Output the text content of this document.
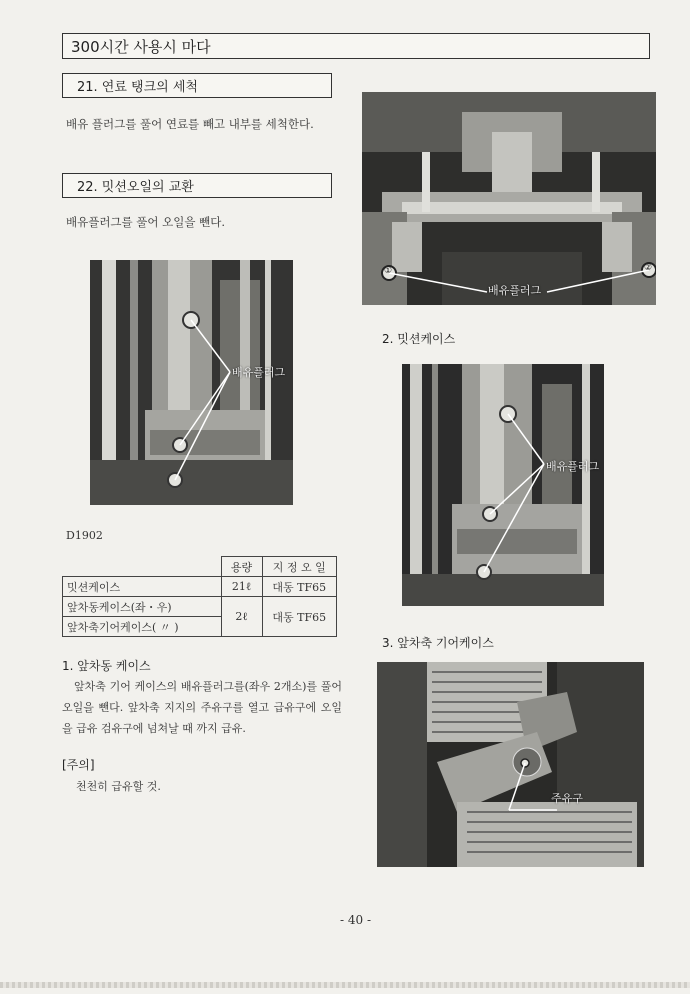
300시간 사용시 마다
21. 연료 탱크의 세척
배유 플러그를 풀어 연료를 빼고 내부를 세척한다.
22. 밋션오일의 교환
배유플러그를 풀어 오일을 뺀다.
배유플러그
①	②
배유플러그
2. 밋션케이스
배유플러그
3. 앞차축 기어케이스
주유구
D1902
	용량	지 정 오 일
밋션케이스	21ℓ	대동 TF65
앞차동케이스(좌・우)	2ℓ	대동 TF65
앞차축기어케이스( 〃 )		
1. 앞차동 케이스
앞차축 기어 케이스의 배유플러그를(좌우 2개소)를 풀어 오일을 뺀다. 앞차축 지지의 주유구를 열고 급유구에 오일을 급유 검유구에 넘쳐날 때 까지 급유.
[주의]
천천히 급유할 것.
- 40 -
